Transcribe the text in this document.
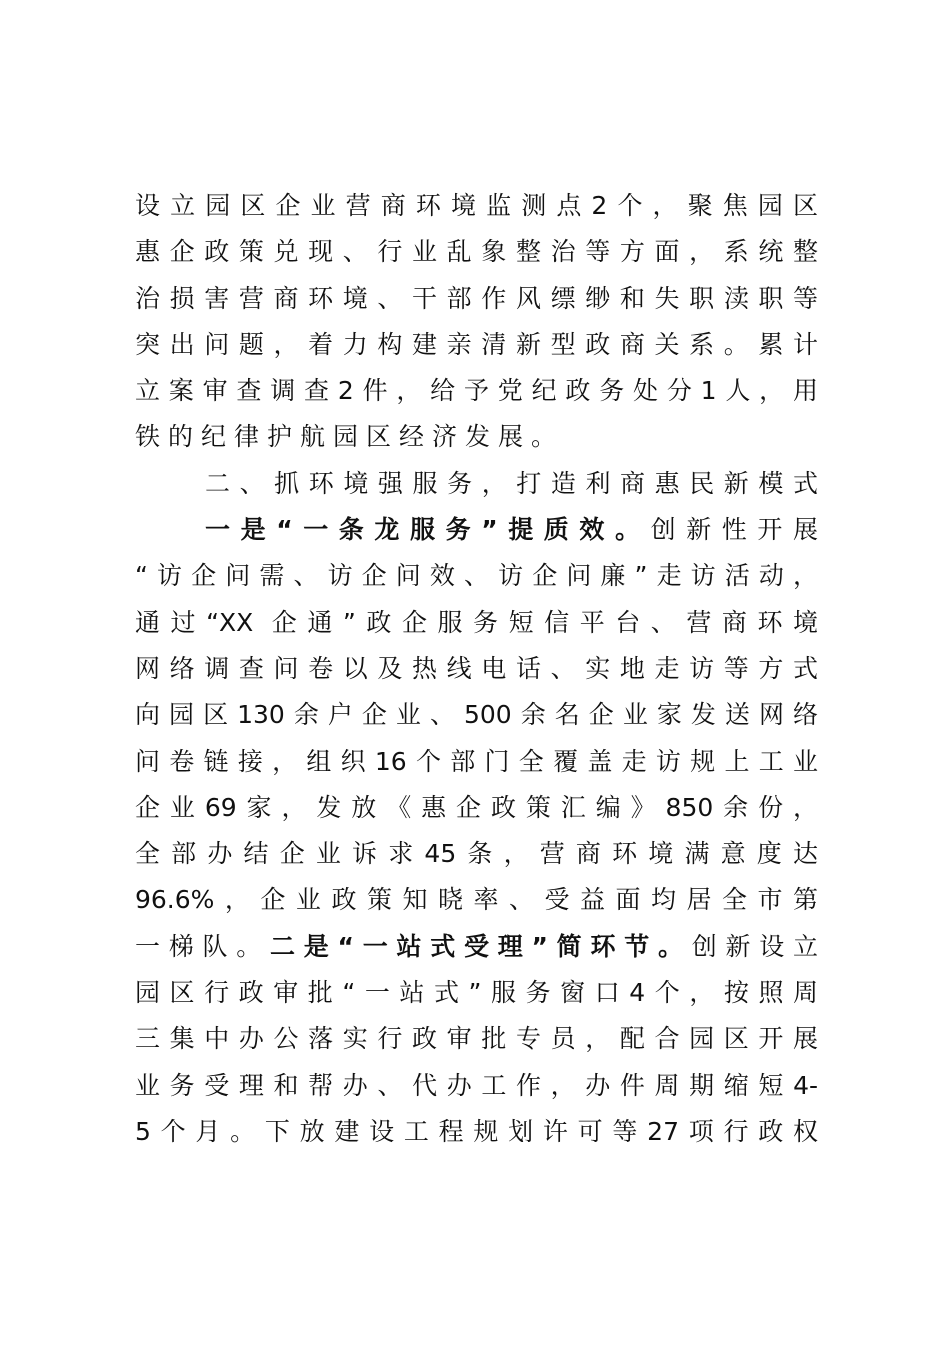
设立园区企业营商环境监测点2个，聚焦园区
惠企政策兑现、行业乱象整治等方面，系统整
治损害营商环境、干部作风缥缈和失职渎职等
突出问题，着力构建亲清新型政商关系。累计
立案审查调查2件，给予党纪政务处分1人，用
铁的纪律护航园区经济发展。
二、抓环境强服务，打造利商惠民新模式
一是“一条龙服务”提质效。创新性开展
“访企问需、访企问效、访企问廉”走访活动，
通过“XX 企通”政企服务短信平台、营商环境
网络调查问卷以及热线电话、实地走访等方式
向园区130余户企业、500余名企业家发送网络
问卷链接，组织16个部门全覆盖走访规上工业
企业69家，发放《惠企政策汇编》850余份，
全部办结企业诉求45条，营商环境满意度达
96.6%，企业政策知晓率、受益面均居全市第
一梯队。二是“一站式受理”简环节。创新设立
园区行政审批“一站式”服务窗口4个，按照周
三集中办公落实行政审批专员，配合园区开展
业务受理和帮办、代办工作，办件周期缩短4-
5个月。下放建设工程规划许可等27项行政权
